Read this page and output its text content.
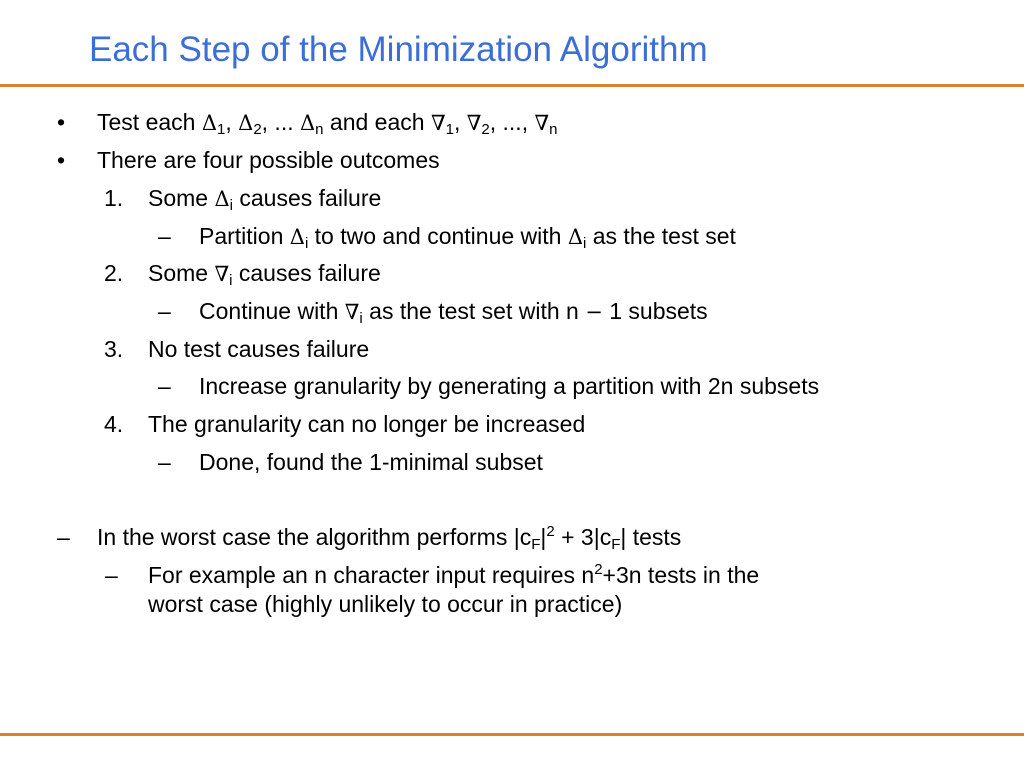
Each Step of the Minimization Algorithm
• Test each $\Delta_1$, $\Delta_2$, ... $\Delta_n$ and each $\nabla_1$, $\nabla_2$, ..., $\nabla_n$
• There are four possible outcomes
1. Some $\Delta_i$ causes failure
– Partition $\Delta_i$ to two and continue with $\Delta_i$ as the test set
2. Some $\nabla_i$ causes failure
– Continue with $\nabla_i$ as the test set with n − 1 subsets
3. No test causes failure
– Increase granularity by generating a partition with 2n subsets
4. The granularity can no longer be increased
– Done, found the 1-minimal subset
– In the worst case the algorithm performs $|c_F|^2 + 3|c_F|$ tests
– For example an n character input requires $n^2+3n$ tests in the
worst case (highly unlikely to occur in practice)
